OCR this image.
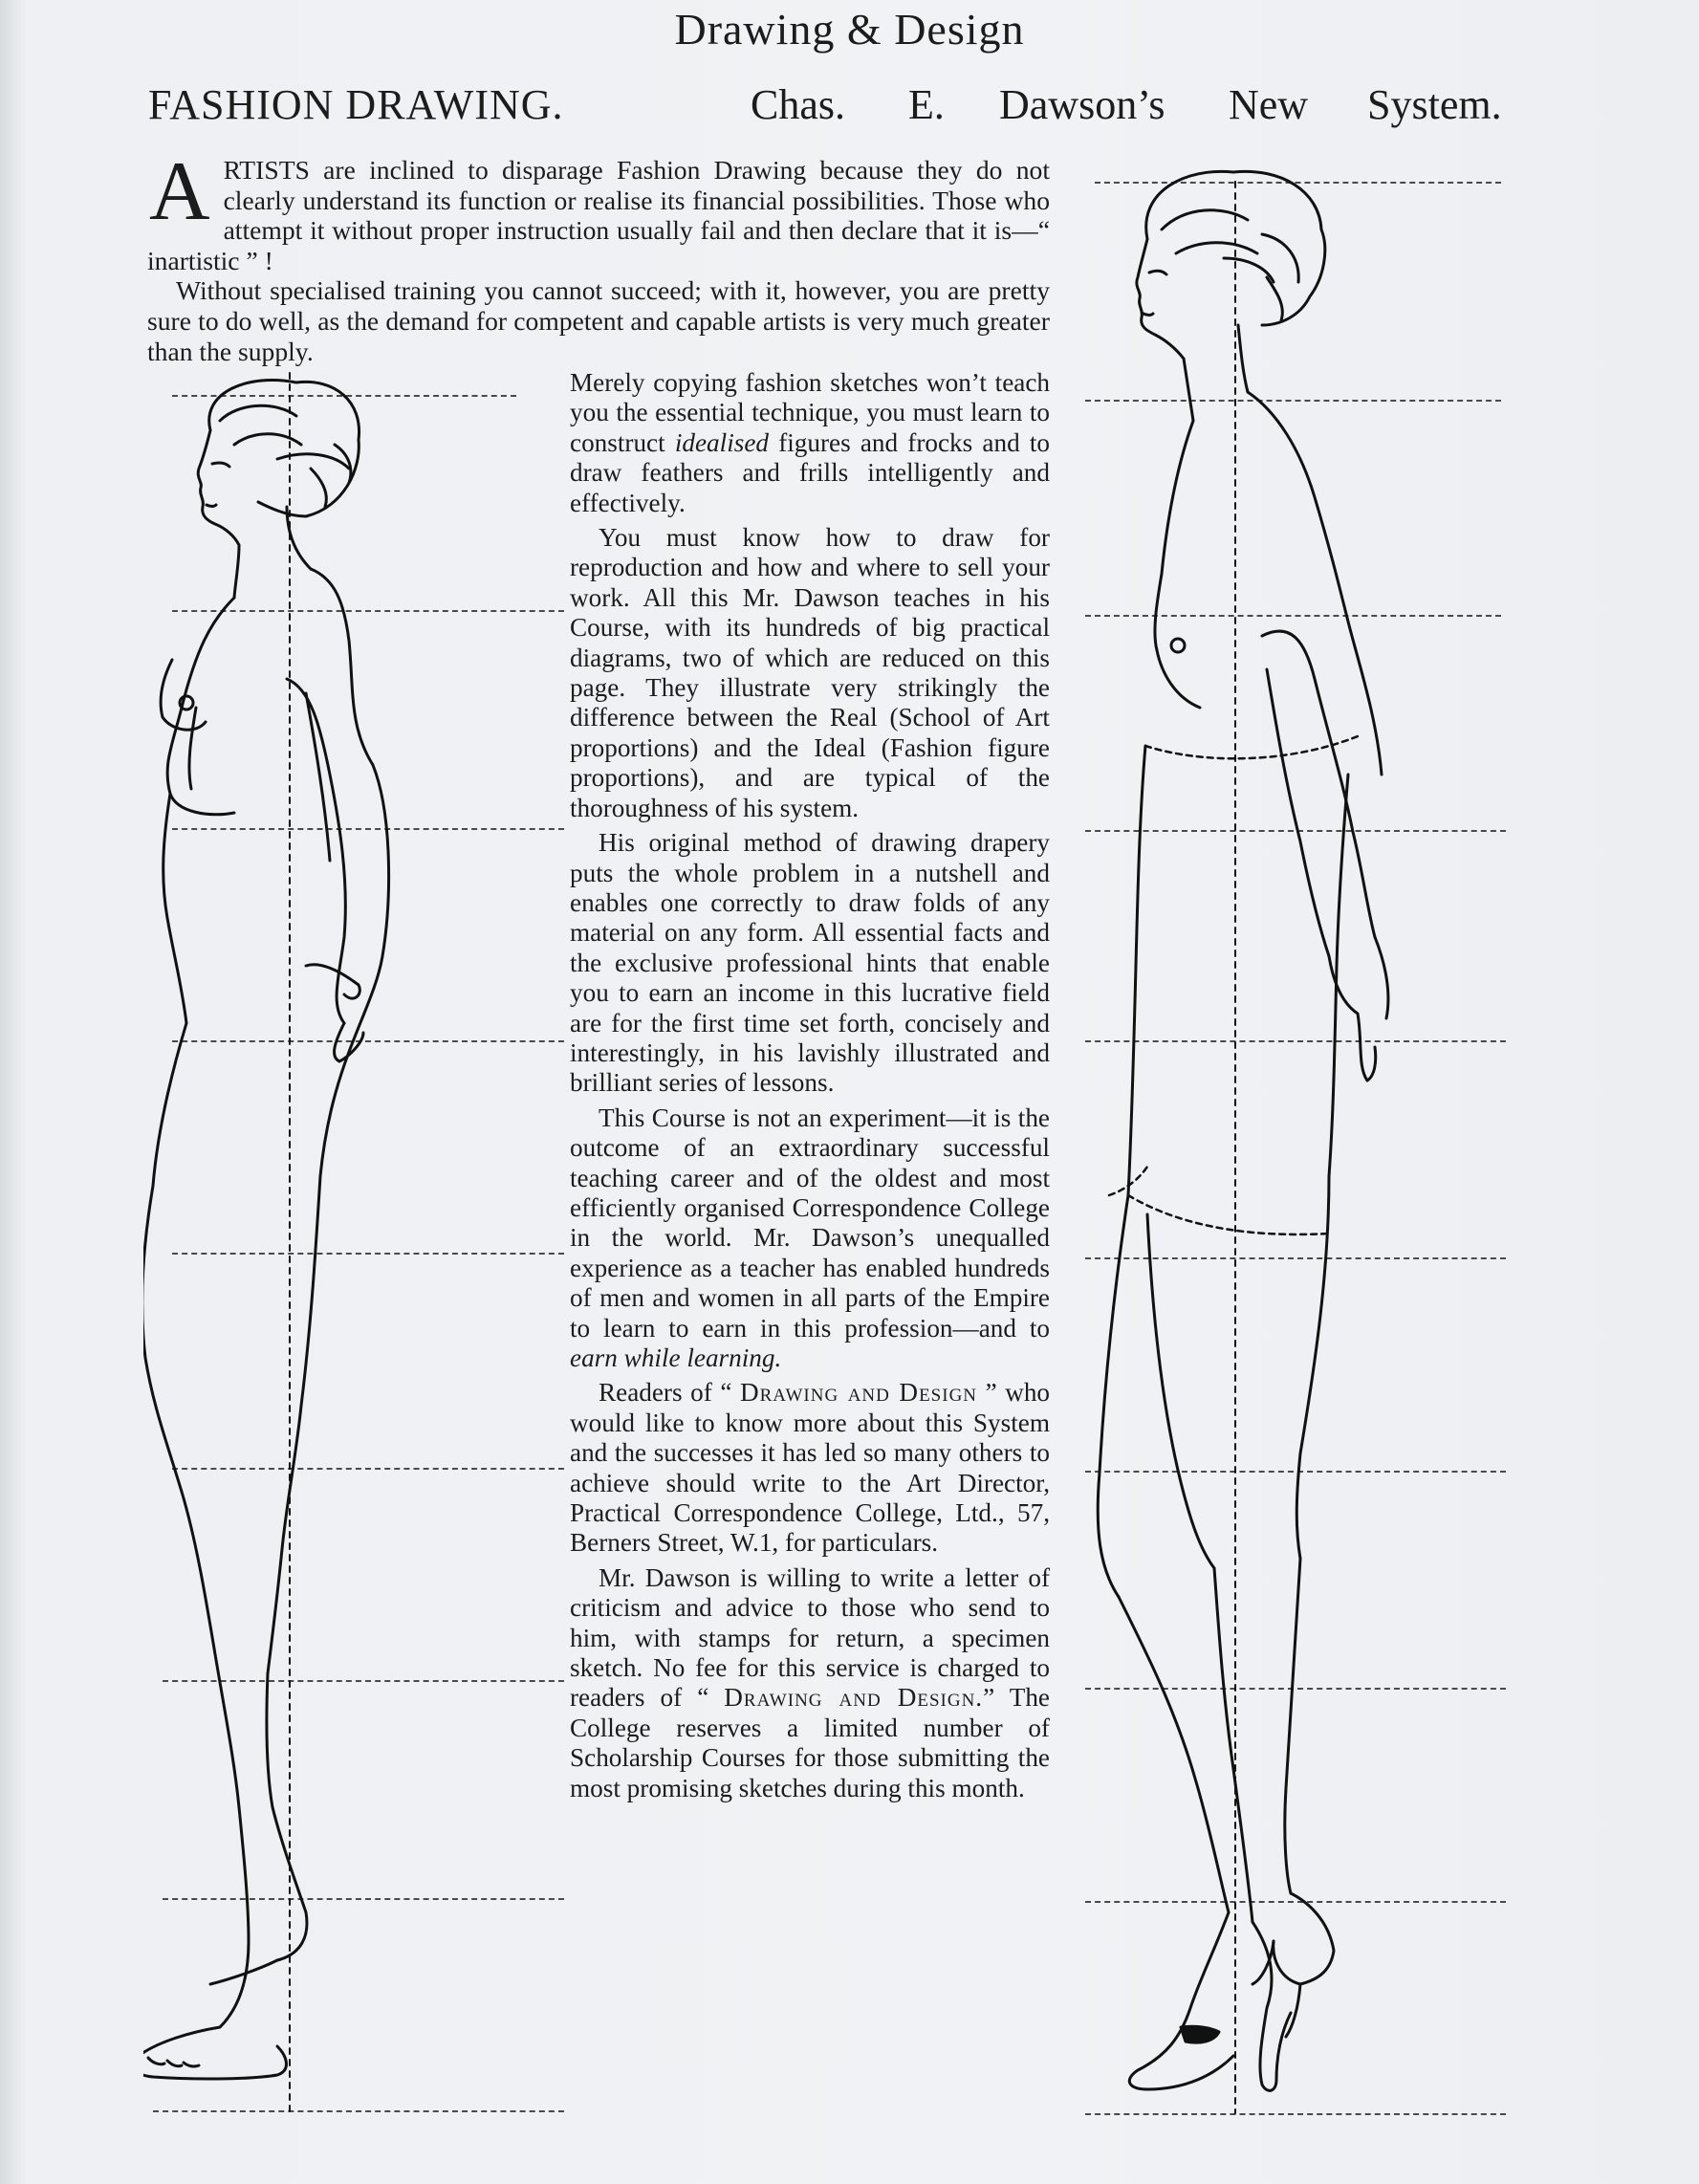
Drawing & Design
FASHION DRAWING.	Chas. E. Dawson’s New System.

ARTISTS are inclined to disparage Fashion Drawing because they do not clearly understand its function or realise its financial possibilities. Those who attempt it without proper instruction usually fail and then declare that it is—“ inartistic ” !

Without specialised training you cannot succeed; with it, however, you are pretty sure to do well, as the demand for competent and capable artists is very much greater than the supply.

Merely copying fashion sketches won’t teach you the essential technique, you must learn to construct idealised figures and frocks and to draw feathers and frills intelligently and effectively.

You must know how to draw for reproduction and how and where to sell your work. All this Mr. Dawson teaches in his Course, with its hundreds of big practical diagrams, two of which are reduced on this page. They illustrate very strikingly the difference between the Real (School of Art proportions) and the Ideal (Fashion figure proportions), and are typical of the thoroughness of his system.

His original method of drawing drapery puts the whole problem in a nutshell and enables one correctly to draw folds of any material on any form. All essential facts and the exclusive professional hints that enable you to earn an income in this lucrative field are for the first time set forth, concisely and interestingly, in his lavishly illustrated and brilliant series of lessons.

This Course is not an experiment—it is the outcome of an extraordinary successful teaching career and of the oldest and most efficiently organised Correspondence College in the world. Mr. Dawson’s unequalled experience as a teacher has enabled hundreds of men and women in all parts of the Empire to learn to earn in this profession—and to earn while learning.

Readers of “ Drawing and Design ” who would like to know more about this System and the successes it has led so many others to achieve should write to the Art Director, Practical Correspondence College, Ltd., 57, Berners Street, W.1, for particulars.

Mr. Dawson is willing to write a letter of criticism and advice to those who send to him, with stamps for return, a specimen sketch. No fee for this service is charged to readers of “ Drawing and Design.” The College reserves a limited number of Scholarship Courses for those submitting the most promising sketches during this month.
